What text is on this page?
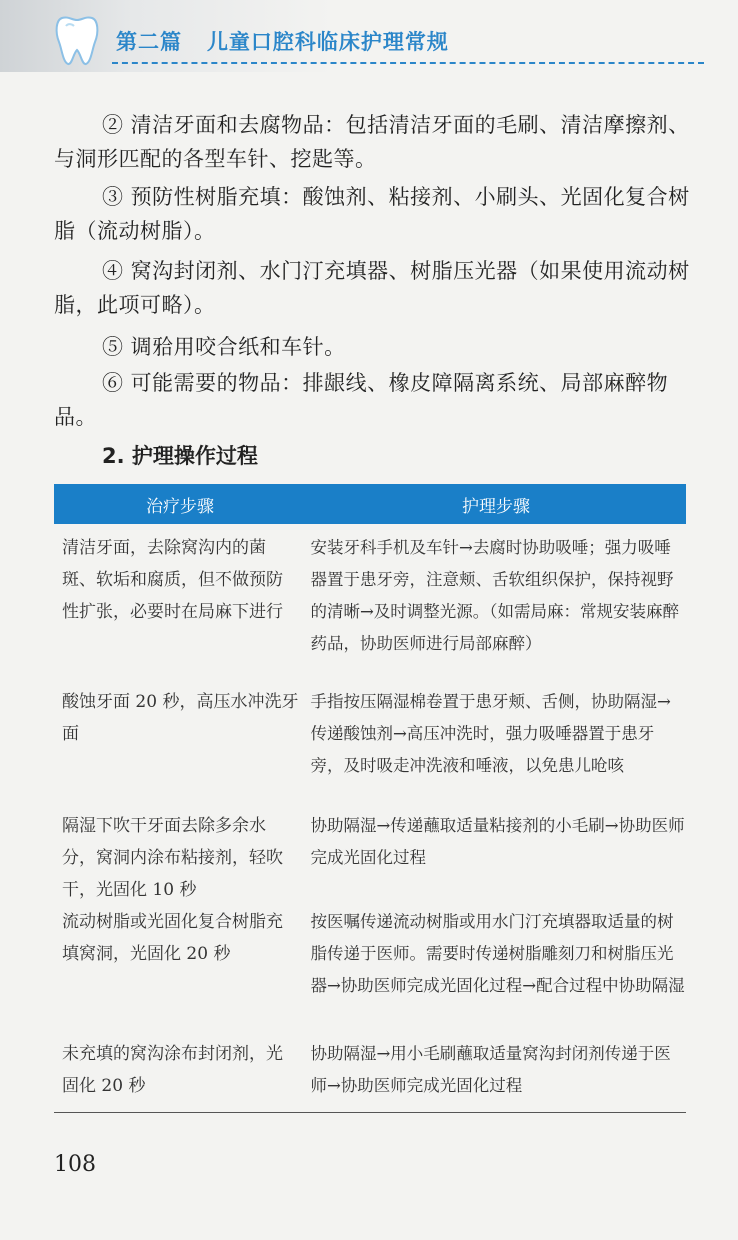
第二篇 儿童口腔科临床护理常规

② 清洁牙面和去腐物品：包括清洁牙面的毛刷、清洁摩擦剂、与洞形匹配的各型车针、挖匙等。

③ 预防性树脂充填：酸蚀剂、粘接剂、小刷头、光固化复合树脂（流动树脂）。

④ 窝沟封闭剂、水门汀充填器、树脂压光器（如果使用流动树脂，此项可略）。

⑤ 调𬌗用咬合纸和车针。

⑥ 可能需要的物品：排龈线、橡皮障隔离系统、局部麻醉物品。

2. 护理操作过程
治疗步骤	护理步骤
清洁牙面，去除窝沟内的菌斑、软垢和腐质，但不做预防性扩张，必要时在局麻下进行
安装牙科手机及车针→去腐时协助吸唾；强力吸唾器置于患牙旁，注意颊、舌软组织保护，保持视野的清晰→及时调整光源。（如需局麻：常规安装麻醉药品，协助医师进行局部麻醉）
酸蚀牙面 20 秒，高压水冲洗牙面
手指按压隔湿棉卷置于患牙颊、舌侧，协助隔湿→传递酸蚀剂→高压冲洗时，强力吸唾器置于患牙旁，及时吸走冲洗液和唾液，以免患儿呛咳
隔湿下吹干牙面去除多余水分，窝洞内涂布粘接剂，轻吹干，光固化 10 秒
协助隔湿→传递蘸取适量粘接剂的小毛刷→协助医师完成光固化过程
流动树脂或光固化复合树脂充填窝洞，光固化 20 秒
按医嘱传递流动树脂或用水门汀充填器取适量的树脂传递于医师。需要时传递树脂雕刻刀和树脂压光器→协助医师完成光固化过程→配合过程中协助隔湿
未充填的窝沟涂布封闭剂，光固化 20 秒
协助隔湿→用小毛刷蘸取适量窝沟封闭剂传递于医师→协助医师完成光固化过程
108
